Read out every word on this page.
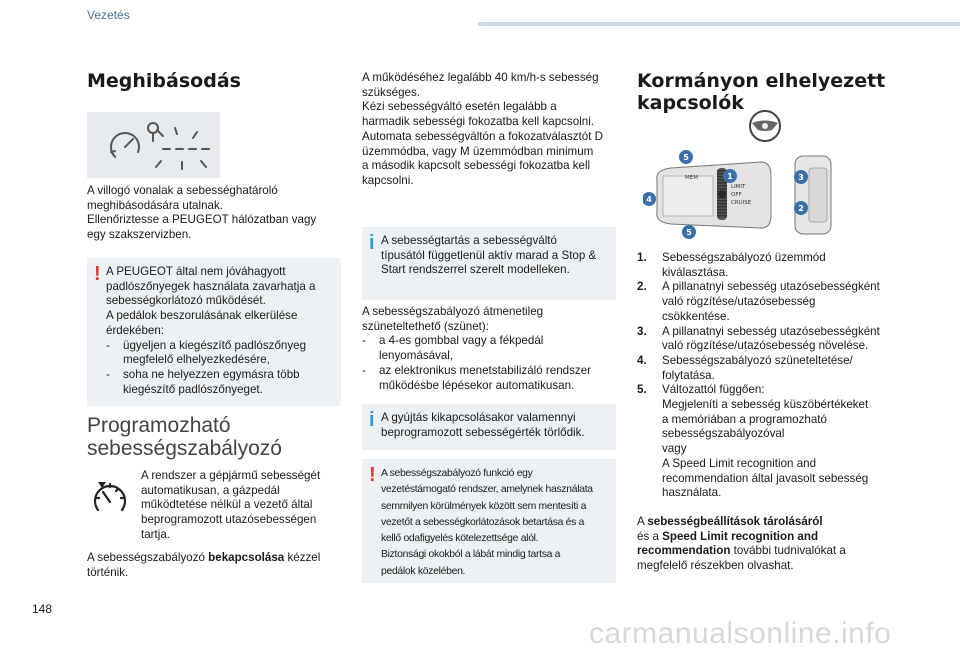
Vezetés
Meghibásodás

A villogó vonalak a sebességhatároló

meghibásodására utalnak.

Ellenőriztesse a PEUGEOT hálózatban vagy

egy szakszervizben.

! A PEUGEOT által nem jóváhagyott

padlószőnyegek használata zavarhatja a

sebességkorlátozó működését.

A pedálok beszorulásának elkerülése

érdekében:

-	ügyeljen a kiegészítő padlószőnyeg
megfelelő elhelyezkedésére,
-	soha ne helyezzen egymásra több
kiegészítő padlószőnyeget.
Programozható
sebességszabályozó

A rendszer a gépjármű sebességét

automatikusan, a gázpedál

működtetése nélkül a vezető által

beprogramozott utazósebességen

tartja.

A sebességszabályozó bekapcsolása kézzel

történik.

A működéséhez legalább 40 km/h-s sebesség

szükséges.

Kézi sebességváltó esetén legalább a

harmadik sebességi fokozatba kell kapcsolni.

Automata sebességváltón a fokozatválasztót D

üzemmódba, vagy M üzemmódban minimum

a második kapcsolt sebességi fokozatba kell

kapcsolni.

i A sebességtartás a sebességváltó

típusától függetlenül aktív marad a Stop &

Start rendszerrel szerelt modelleken.

A sebességszabályozó átmenetileg

szüneteltethető (szünet):

-	a 4-es gombbal vagy a fékpedál
lenyomásával,
-	az elektronikus menetstabilizáló rendszer
működésbe lépésekor automatikusan.
i A gyújtás kikapcsolásakor valamennyi

beprogramozott sebességérték törlődik.

! A sebességszabályozó funkció egy

vezetéstámogató rendszer, amelynek használata

semmilyen körülmények között sem mentesíti a

vezetőt a sebességkorlátozások betartása és a

kellő odafigyelés kötelezettsége alól.

Biztonsági okokból a lábát mindig tartsa a

pedálok közelében.

Kormányon elhelyezett
kapcsolók
MEM
LIMIT
OFF
CRUISE
5
1	3
2
4
5
1.	Sebességszabályozó üzemmód
kiválasztása.
2.	A pillanatnyi sebesség utazósebességként
való rögzítése/utazósebesség
csökkentése.
3.	A pillanatnyi sebesség utazósebességként
való rögzítése/utazósebesség növelése.
4.	Sebességszabályozó szüneteltetése/
folytatása.
5.	Változattól függően:
Megjeleníti a sebesség küszöbértékeket
a memóriában a programozható
sebességszabályozóval
vagy
A Speed Limit recognition and
recommendation által javasolt sebesség
használata.

A sebességbeállítások tárolásáról

és a Speed Limit recognition and

recommendation további tudnivalókat a

megfelelő részekben olvashat.

148
carmanualsonline.info
